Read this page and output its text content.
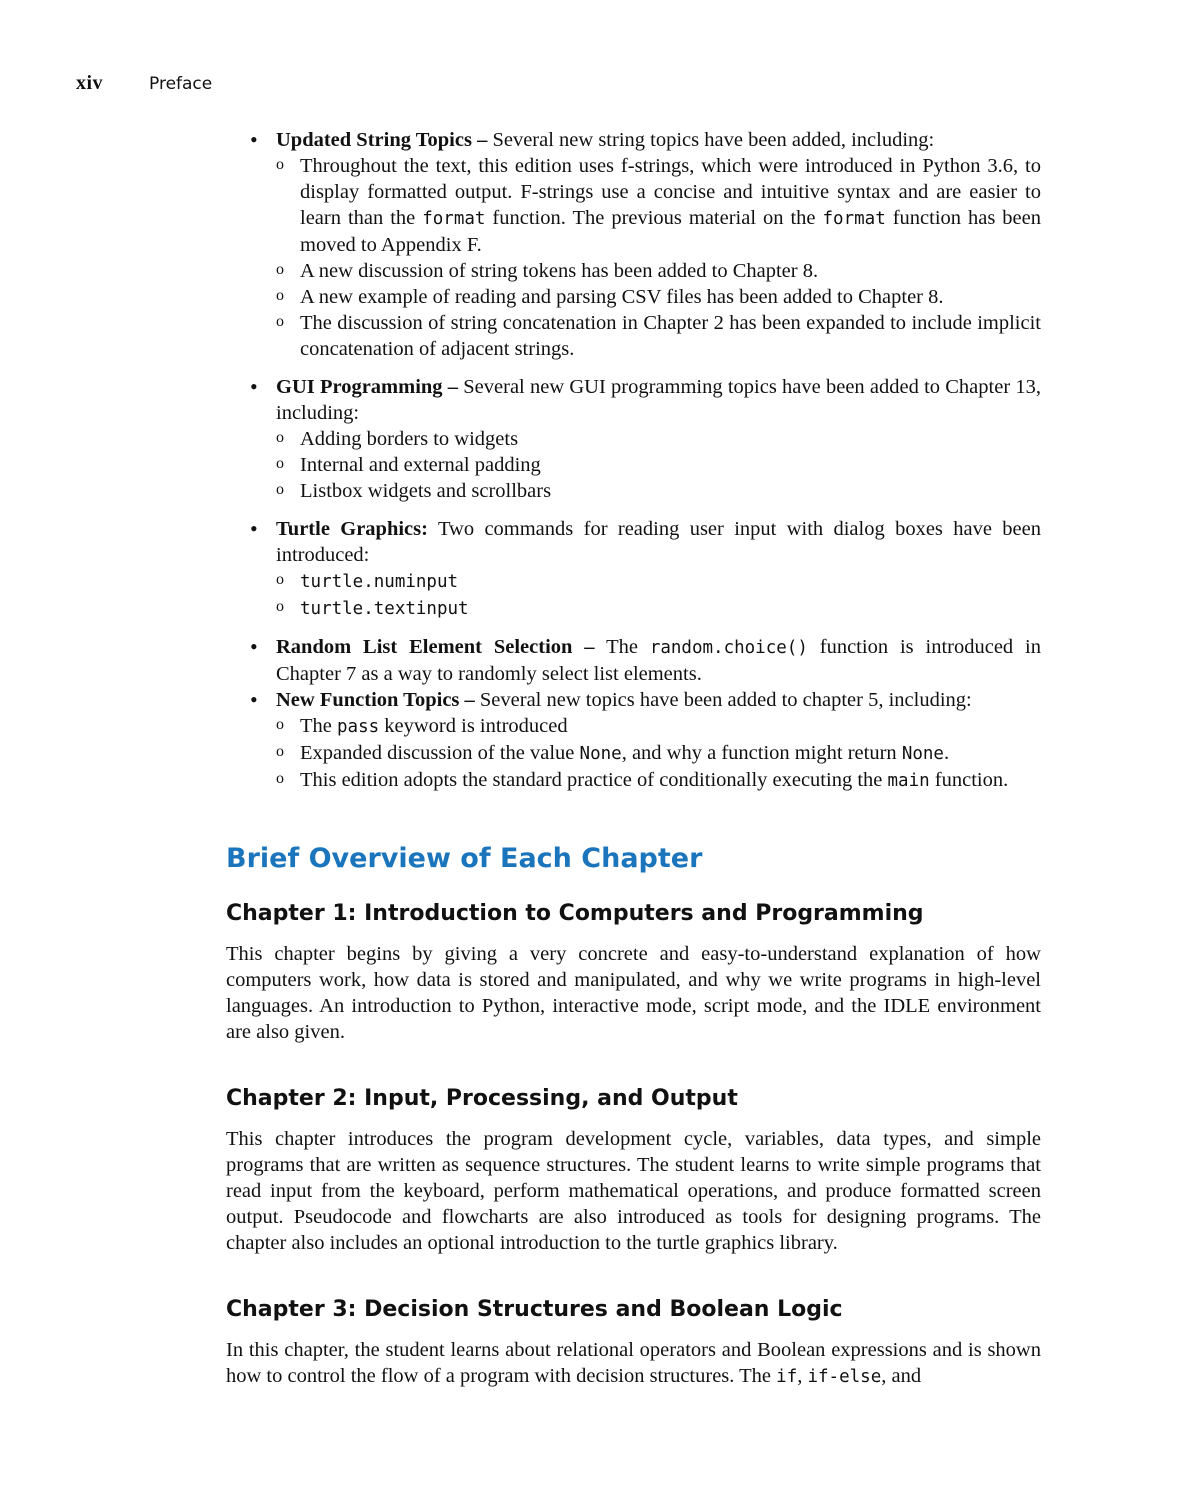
xiv	Preface
• Updated String Topics – Several new string topics have been added, including:
o Throughout the text, this edition uses f-strings, which were introduced in Python 3.6, to display formatted output. F-strings use a concise and intuitive syntax and are easier to learn than the format function. The previous material on the format function has been moved to Appendix F.
o A new discussion of string tokens has been added to Chapter 8.
o A new example of reading and parsing CSV files has been added to Chapter 8.
o The discussion of string concatenation in Chapter 2 has been expanded to include implicit concatenation of adjacent strings.
• GUI Programming – Several new GUI programming topics have been added to Chapter 13, including:
o Adding borders to widgets
o Internal and external padding
o Listbox widgets and scrollbars
• Turtle Graphics: Two commands for reading user input with dialog boxes have been introduced:
o turtle.numinput
o turtle.textinput
• Random List Element Selection – The random.choice() function is introduced in Chapter 7 as a way to randomly select list elements.
• New Function Topics – Several new topics have been added to chapter 5, including:
o The pass keyword is introduced
o Expanded discussion of the value None, and why a function might return None.
o This edition adopts the standard practice of conditionally executing the main function.
Brief Overview of Each Chapter
Chapter 1: Introduction to Computers and Programming

This chapter begins by giving a very concrete and easy-to-understand explanation of how computers work, how data is stored and manipulated, and why we write programs in high-level languages. An introduction to Python, interactive mode, script mode, and the IDLE environment are also given.

Chapter 2: Input, Processing, and Output

This chapter introduces the program development cycle, variables, data types, and simple programs that are written as sequence structures. The student learns to write simple programs that read input from the keyboard, perform mathematical operations, and produce formatted screen output. Pseudocode and flowcharts are also introduced as tools for designing programs. The chapter also includes an optional introduction to the turtle graphics library.

Chapter 3: Decision Structures and Boolean Logic

In this chapter, the student learns about relational operators and Boolean expressions and is shown how to control the flow of a program with decision structures. The if, if-else, and
